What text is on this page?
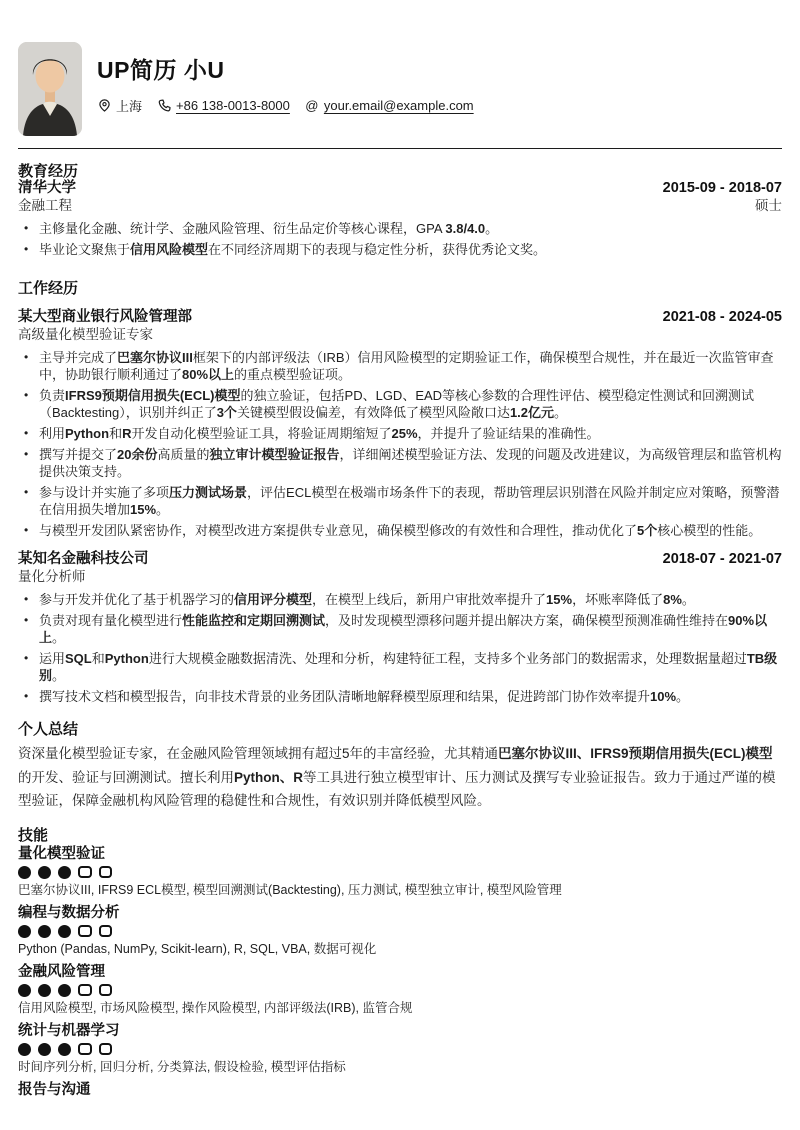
UP简历 小U
上海	+86 138-0013-8000 @ your.email@example.com
教育经历
清华大学	2015-09 - 2018-07
金融工程	硕士
• 主修量化金融、统计学、金融风险管理、衍生品定价等核心课程，GPA 3.8/4.0。
• 毕业论文聚焦于信用风险模型在不同经济周期下的表现与稳定性分析，获得优秀论文奖。
工作经历
某大型商业银行风险管理部	2021-08 - 2024-05
高级量化模型验证专家
• 主导并完成了巴塞尔协议III框架下的内部评级法（IRB）信用风险模型的定期验证工作，确保模型合规性，并在最近一次监管审查中，协助银行顺利通过了80%以上的重点模型验证项。
• 负责IFRS9预期信用损失(ECL)模型的独立验证，包括PD、LGD、EAD等核心参数的合理性评估、模型稳定性测试和回溯测试（Backtesting），识别并纠正了3个关键模型假设偏差，有效降低了模型风险敞口达1.2亿元。
• 利用Python和R开发自动化模型验证工具，将验证周期缩短了25%，并提升了验证结果的准确性。
• 撰写并提交了20余份高质量的独立审计模型验证报告，详细阐述模型验证方法、发现的问题及改进建议，为高级管理层和监管机构提供决策支持。
• 参与设计并实施了多项压力测试场景，评估ECL模型在极端市场条件下的表现，帮助管理层识别潜在风险并制定应对策略，预警潜在信用损失增加15%。
• 与模型开发团队紧密协作，对模型改进方案提供专业意见，确保模型修改的有效性和合理性，推动优化了5个核心模型的性能。
某知名金融科技公司	2018-07 - 2021-07
量化分析师
• 参与开发并优化了基于机器学习的信用评分模型，在模型上线后，新用户审批效率提升了15%，坏账率降低了8%。
• 负责对现有量化模型进行性能监控和定期回溯测试，及时发现模型漂移问题并提出解决方案，确保模型预测准确性维持在90%以上。
• 运用SQL和Python进行大规模金融数据清洗、处理和分析，构建特征工程，支持多个业务部门的数据需求，处理数据量超过TB级别。
• 撰写技术文档和模型报告，向非技术背景的业务团队清晰地解释模型原理和结果，促进跨部门协作效率提升10%。
个人总结
资深量化模型验证专家，在金融风险管理领域拥有超过5年的丰富经验，尤其精通巴塞尔协议III、IFRS9预期信用损失(ECL)模型的开发、验证与回溯测试。擅长利用Python、R等工具进行独立模型审计、压力测试及撰写专业验证报告。致力于通过严谨的模型验证，保障金融机构风险管理的稳健性和合规性，有效识别并降低模型风险。
技能
量化模型验证
巴塞尔协议III, IFRS9 ECL模型, 模型回溯测试(Backtesting), 压力测试, 模型独立审计, 模型风险管理
编程与数据分析
Python (Pandas, NumPy, Scikit-learn), R, SQL, VBA, 数据可视化
金融风险管理
信用风险模型, 市场风险模型, 操作风险模型, 内部评级法(IRB), 监管合规
统计与机器学习
时间序列分析, 回归分析, 分类算法, 假设检验, 模型评估指标
报告与沟通
